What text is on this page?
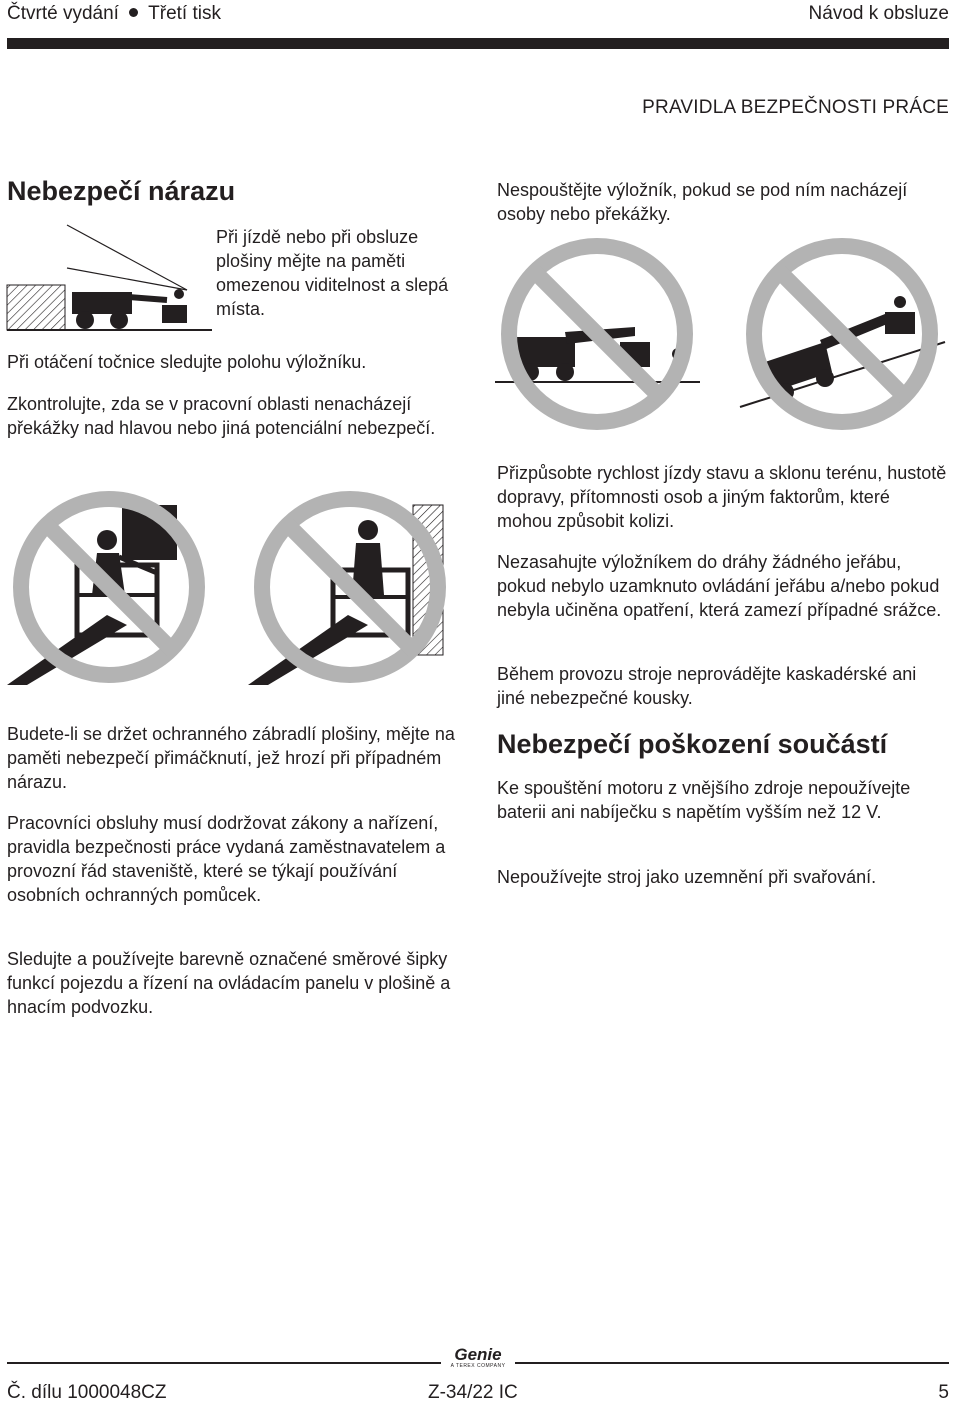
Čtvrté vydání Třetí tisk	Návod k obsluze
PRAVIDLA BEZPEČNOSTI PRÁCE
Nebezpečí nárazu

Při jízdě nebo při obsluze plošiny mějte na paměti omezenou viditelnost a slepá místa.

Při otáčení točnice sledujte polohu výložníku.

Zkontrolujte, zda se v pracovní oblasti nenacházejí překážky nad hlavou nebo jiná potenciální nebezpečí.

Budete-li se držet ochranného zábradlí plošiny, mějte na paměti nebezpečí přimáčknutí, jež hrozí při případném nárazu.

Pracovníci obsluhy musí dodržovat zákony a nařízení, pravidla bezpečnosti práce vydaná zaměstnavatelem a provozní řád staveniště, které se týkají používání osobních ochranných pomůcek.

Sledujte a používejte barevně označené směrové šipky funkcí pojezdu a řízení na ovládacím panelu v plošině a hnacím podvozku.

Nespouštějte výložník, pokud se pod ním nacházejí osoby nebo překážky.

Přizpůsobte rychlost jízdy stavu a sklonu terénu, hustotě dopravy, přítomnosti osob a jiným faktorům, které mohou způsobit kolizi.

Nezasahujte výložníkem do dráhy žádného jeřábu, pokud nebylo uzamknuto ovládání jeřábu a/nebo pokud nebyla učiněna opatření, která zamezí případné srážce.

Během provozu stroje neprovádějte kaskadérské ani jiné nebezpečné kousky.

Nebezpečí poškození součástí

Ke spouštění motoru z vnějšího zdroje nepoužívejte baterii ani nabíječku s napětím vyšším než 12 V.

Nepoužívejte stroj jako uzemnění při svařování.

Genie
A TEREX COMPANY
Č. dílu 1000048CZ	Z-34/22 IC	5
